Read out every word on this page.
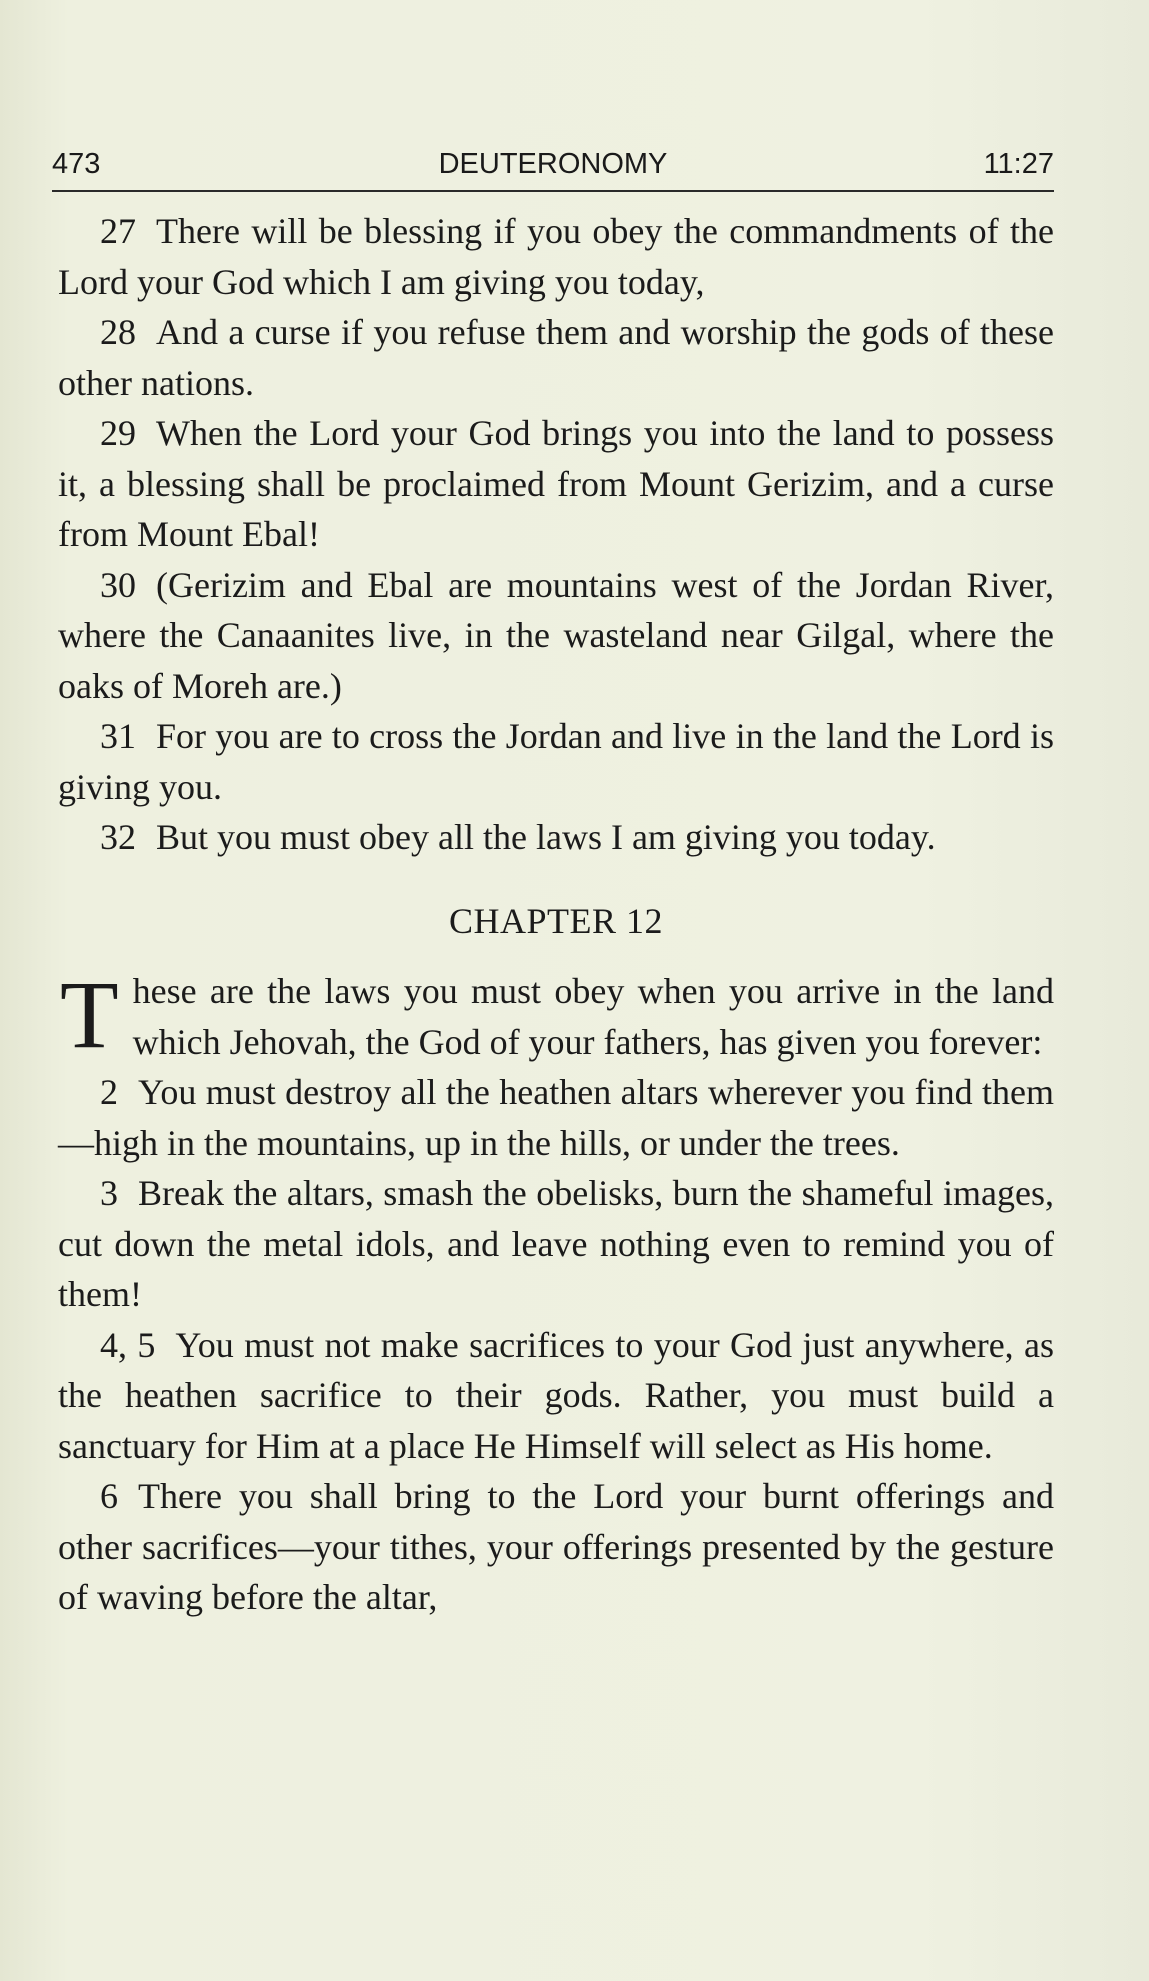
473	DEUTERONOMY	11:27

27 There will be blessing if you obey the commandments of the Lord your God which I am giving you today,

28 And a curse if you refuse them and worship the gods of these other nations.

29 When the Lord your God brings you into the land to possess it, a blessing shall be proclaimed from Mount Gerizim, and a curse from Mount Ebal!

30 (Gerizim and Ebal are mountains west of the Jordan River, where the Canaanites live, in the wasteland near Gilgal, where the oaks of Moreh are.)

31 For you are to cross the Jordan and live in the land the Lord is giving you.

32 But you must obey all the laws I am giving you today.

CHAPTER 12

These are the laws you must obey when you arrive in the land which Jehovah, the God of your fathers, has given you forever:

2 You must destroy all the heathen altars wherever you find them—high in the mountains, up in the hills, or under the trees.

3 Break the altars, smash the obelisks, burn the shameful images, cut down the metal idols, and leave nothing even to remind you of them!

4, 5 You must not make sacrifices to your God just anywhere, as the heathen sacrifice to their gods. Rather, you must build a sanctuary for Him at a place He Himself will select as His home.

6 There you shall bring to the Lord your burnt offerings and other sacrifices—your tithes, your offerings presented by the gesture of waving before the altar,
